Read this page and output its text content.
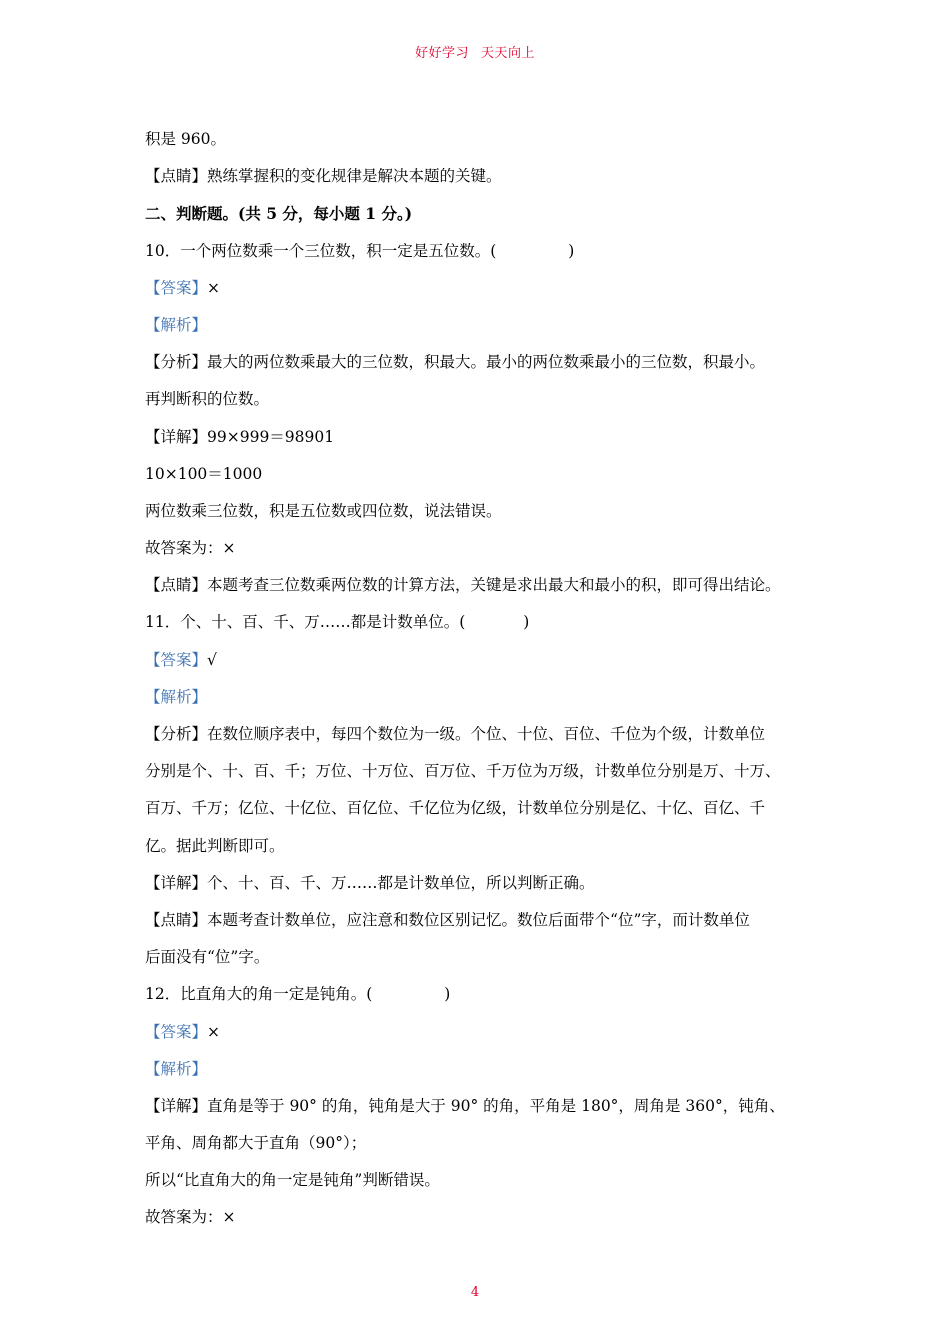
好好学习 天天向上
积是 960。
【点睛】熟练掌握积的变化规律是解决本题的关键。
二、判断题。(共 5 分，每小题 1 分。)
10．一个两位数乘一个三位数，积一定是五位数。(	)
【答案】×
【解析】
【分析】最大的两位数乘最大的三位数，积最大。最小的两位数乘最小的三位数，积最小。
再判断积的位数。
【详解】99×999＝98901
10×100＝1000
两位数乘三位数，积是五位数或四位数，说法错误。
故答案为：×
【点睛】本题考查三位数乘两位数的计算方法，关键是求出最大和最小的积，即可得出结论。
11．个、十、百、千、万……都是计数单位。(	)
【答案】√
【解析】
【分析】在数位顺序表中，每四个数位为一级。个位、十位、百位、千位为个级，计数单位
分别是个、十、百、千；万位、十万位、百万位、千万位为万级，计数单位分别是万、十万、
百万、千万；亿位、十亿位、百亿位、千亿位为亿级，计数单位分别是亿、十亿、百亿、千
亿。据此判断即可。
【详解】个、十、百、千、万……都是计数单位，所以判断正确。
【点睛】本题考查计数单位，应注意和数位区别记忆。数位后面带个“位”字，而计数单位
后面没有“位”字。
12．比直角大的角一定是钝角。(	)
【答案】×
【解析】
【详解】直角是等于 90° 的角，钝角是大于 90° 的角，平角是 180°，周角是 360°，钝角、
平角、周角都大于直角（90°）；
所以“比直角大的角一定是钝角”判断错误。
故答案为：×
4
